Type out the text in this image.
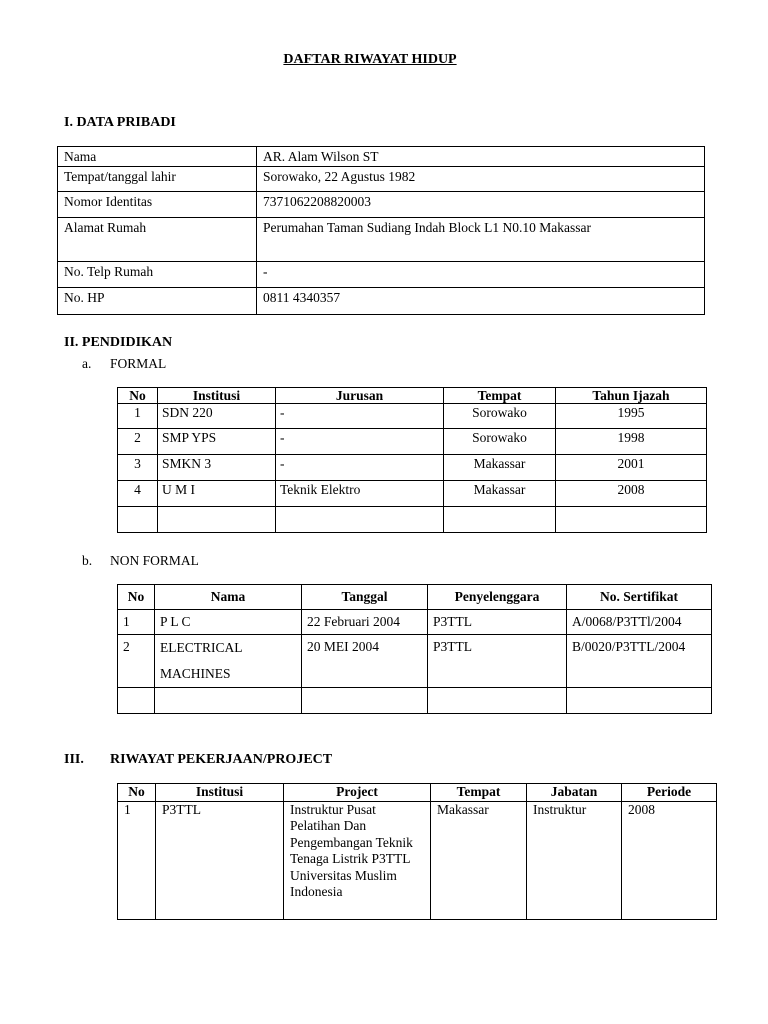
DAFTAR RIWAYAT HIDUP
I. DATA PRIBADI
Nama	AR. Alam Wilson ST
Tempat/tanggal lahir	Sorowako, 22 Agustus 1982
Nomor Identitas	7371062208820003
Alamat Rumah	Perumahan Taman Sudiang Indah Block L1 N0.10 Makassar
No. Telp Rumah	-
No. HP	0811 4340357
II. PENDIDIKAN
a. FORMAL
No	Institusi	Jurusan	Tempat	Tahun Ijazah
1	SDN 220	-	Sorowako	1995
2	SMP YPS	-	Sorowako	1998
3	SMKN 3	-	Makassar	2001
4	U M I	Teknik Elektro	Makassar	2008

b. NON FORMAL
No	Nama	Tanggal	Penyelenggara	No. Sertifikat
1	P L C	22 Februari 2004	P3TTL	A/0068/P3TTl/2004
2	ELECTRICAL MACHINES	20 MEI 2004	P3TTL	B/0020/P3TTL/2004

III. RIWAYAT PEKERJAAN/PROJECT
No	Institusi	Project	Tempat	Jabatan	Periode
1	P3TTL	Instruktur Pusat Pelatihan Dan Pengembangan Teknik Tenaga Listrik P3TTL Universitas Muslim Indonesia	Makassar	Instruktur	2008
